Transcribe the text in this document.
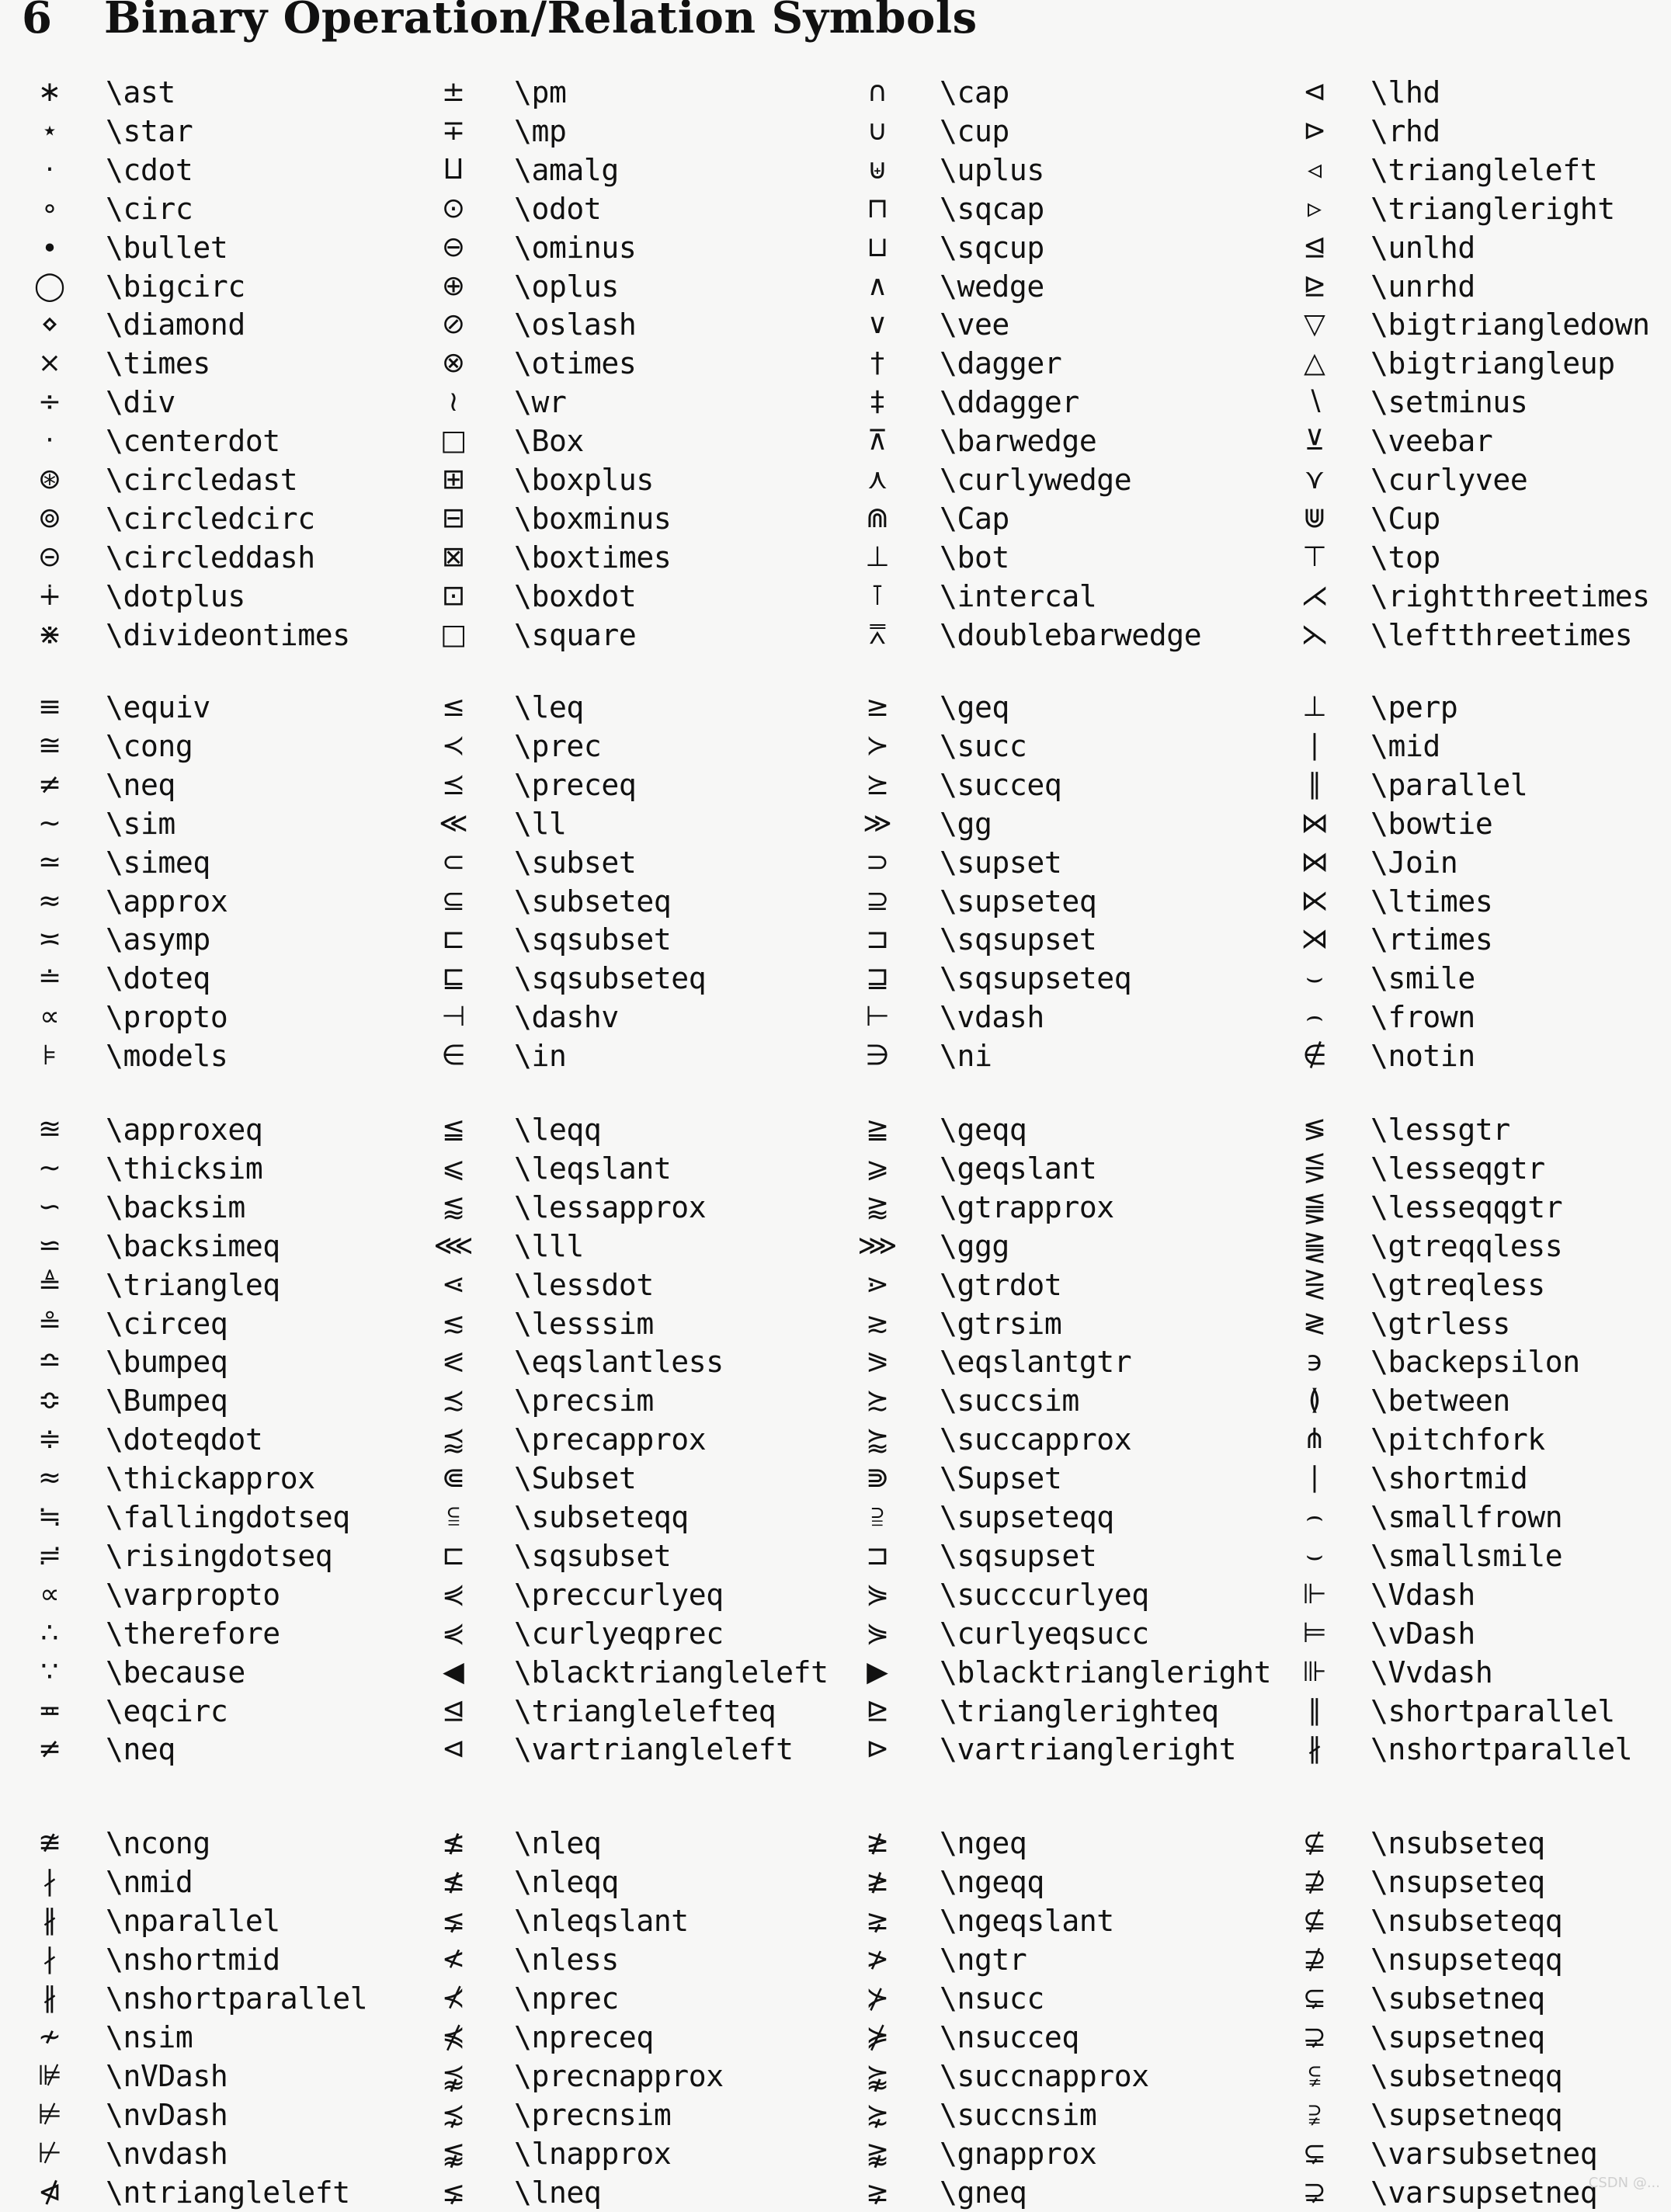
6	Binary Operation/Relation Symbols
∗	\ast	±	\pm	∩	\cap	⊲	\lhd
⋆	\star	∓	\mp	∪	\cup	⊳	\rhd
·	\cdot	⨿	\amalg	⊎	\uplus	◃	\triangleleft
∘	\circ	⊙	\odot	⊓	\sqcap	▹	\triangleright
∙	\bullet	⊖	\ominus	⊔	\sqcup	⊴	\unlhd
◯	\bigcirc	⊕	\oplus	∧	\wedge	⊵	\unrhd
⋄	\diamond	⊘	\oslash	∨	\vee	▽	\bigtriangledown
×	\times	⊗	\otimes	†	\dagger	△	\bigtriangleup
÷	\div	≀	\wr	‡	\ddagger	∖	\setminus
⋅	\centerdot	□	\Box	⊼	\barwedge	⊻	\veebar
⊛	\circledast	⊞	\boxplus	⋏	\curlywedge	⋎	\curlyvee
⊚	\circledcirc	⊟	\boxminus	⋒	\Cap	⋓	\Cup
⊝	\circleddash	⊠	\boxtimes	⊥	\bot	⊤	\top
∔	\dotplus	⊡	\boxdot	⊺	\intercal	⋌	\rightthreetimes
⋇	\divideontimes	□	\square	⩞	\doublebarwedge	⋋	\leftthreetimes
≡	\equiv	≤	\leq	≥	\geq	⊥	\perp
≅	\cong	≺	\prec	≻	\succ	∣	\mid
≠	\neq	⪯	\preceq	⪰	\succeq	∥	\parallel
∼	\sim	≪	\ll	≫	\gg	⋈	\bowtie
≃	\simeq	⊂	\subset	⊃	\supset	⋈	\Join
≈	\approx	⊆	\subseteq	⊇	\supseteq	⋉	\ltimes
≍	\asymp	⊏	\sqsubset	⊐	\sqsupset	⋊	\rtimes
≐	\doteq	⊑	\sqsubseteq	⊒	\sqsupseteq	⌣	\smile
∝	\propto	⊣	\dashv	⊢	\vdash	⌢	\frown
⊧	\models	∈	\in	∋	\ni	∉	\notin
≊	\approxeq	≦	\leqq	≧	\geqq	≶	\lessgtr
∼	\thicksim	⩽	\leqslant	⩾	\geqslant	⋚	\lesseqgtr
∽	\backsim	⪅	\lessapprox	⪆	\gtrapprox	⪋	\lesseqqgtr
⋍	\backsimeq	⋘ \lll	⋙ \ggg	⪌	\gtreqqless
≜	\triangleq	⋖	\lessdot	⋗	\gtrdot	⋛	\gtreqless
≗	\circeq	≲	\lesssim	≳	\gtrsim	≷	\gtrless
≏	\bumpeq	⪕	\eqslantless	⪖	\eqslantgtr	϶	\backepsilon
≎	\Bumpeq	≾	\precsim	≿	\succsim	≬	\between
≑	\doteqdot	⪷	\precapprox	⪸	\succapprox	⋔	\pitchfork
≈	\thickapprox	⋐	\Subset	⋑	\Supset	∣	\shortmid
≒	\fallingdotseq	⫅	\subseteqq	⫆	\supseteqq	⌢	\smallfrown
≓	\risingdotseq	⊏	\sqsubset	⊐	\sqsupset	⌣	\smallsmile
∝	\varpropto	⋞	\preccurlyeq	⋟	\succcurlyeq	⊩	\Vdash
∴	\therefore	⋞	\curlyeqprec	⋟	\curlyeqsucc	⊨	\vDash
∵	\because	◀	\blacktriangleleft	▶	\blacktriangleright	⊪	\Vvdash
≖	\eqcirc	⊴	\trianglelefteq	⊵	\trianglerighteq	∥	\shortparallel
≠	\neq	⊲	\vartriangleleft	⊳	\vartriangleright	∦	\nshortparallel
≇	\ncong	≰	\nleq	≱	\ngeq	⊈	\nsubseteq
∤	\nmid	≰	\nleqq	≱	\ngeqq	⊉	\nsupseteq
∦	\nparallel	⪇	\nleqslant	⪈	\ngeqslant	⊈	\nsubseteqq
∤	\nshortmid	≮	\nless	≯	\ngtr	⊉	\nsupseteqq
∦	\nshortparallel	⊀	\nprec	⊁	\nsucc	⊊	\subsetneq
≁	\nsim	⋠	\npreceq	⋡	\nsucceq	⊋	\supsetneq
⊯	\nVDash	⪹	\precnapprox	⪺	\succnapprox	⫋	\subsetneqq
⊭	\nvDash	⋨	\precnsim	⋩	\succnsim	⫌	\supsetneqq
⊬	\nvdash	⪉	\lnapprox	⪊	\gnapprox	⊊	\varsubsetneq
⋪	\ntriangleleft	⪇	\lneq	⪈	\gneq	⊋	\varsupsetneq
CSDN @...
